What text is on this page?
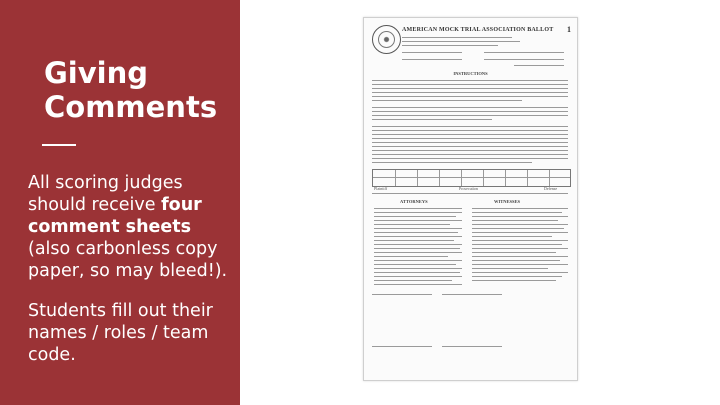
Giving Comments

All scoring judges should receive four comment sheets (also carbonless copy paper, so may bleed!).

Students fill out their names / roles / team code.

AMERICAN MOCK TRIAL ASSOCIATION BALLOT	1
INSTRUCTIONS
Plaintiff	Prosecution	Defense
ATTORNEYS	WITNESSES
